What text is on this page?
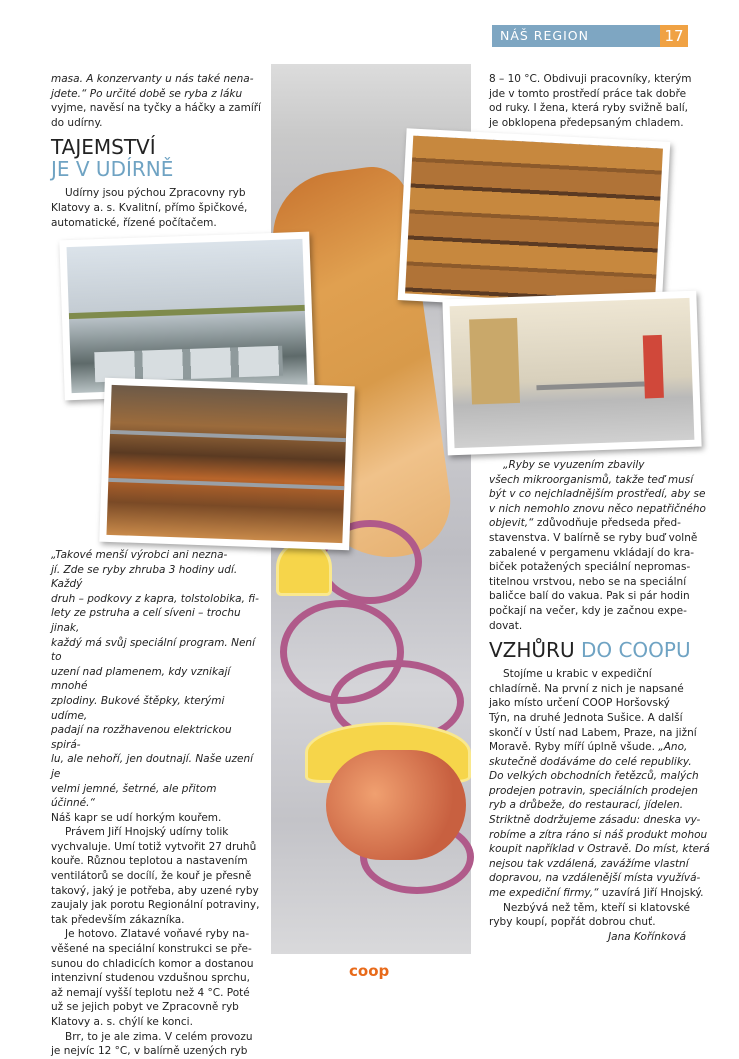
NÁŠ REGION	17

masa. A konzervanty u nás také nena-

jdete.“ Po určité době se ryba z láku

vyjme, navěsí na tyčky a háčky a zamíří

do udírny.

TAJEMSTVÍ

JE V UDÍRNĚ

Udírny jsou pýchou Zpracovny ryb

Klatovy a. s. Kvalitní, přímo špičkové,

automatické, řízené počítačem.

„Takové menší výrobci ani nezna-

jí. Zde se ryby zhruba 3 hodiny udí. Každý

druh – podkovy z kapra, tolstolobika, fi-

lety ze pstruha a celí síveni – trochu jinak,

každý má svůj speciální program. Není to

uzení nad plamenem, kdy vznikají mnohé

zplodiny. Bukové štěpky, kterými udíme,

padají na rozžhavenou elektrickou spirá-

lu, ale nehoří, jen doutnají. Naše uzení je

velmi jemné, šetrné, ale přitom účinné.“

Náš kapr se udí horkým kouřem.

Právem Jiří Hnojský udírny tolik

vychvaluje. Umí totiž vytvořit 27 druhů

kouře. Různou teplotou a nastavením

ventilátorů se docílí, že kouř je přesně

takový, jaký je potřeba, aby uzené ryby

zaujaly jak porotu Regionální potraviny,

tak především zákazníka.

Je hotovo. Zlatavé voňavé ryby na-

věšené na speciální konstrukci se pře-

sunou do chladicích komor a dostanou

intenzivní studenou vzdušnou sprchu,

až nemají vyšší teplotu než 4 °C. Poté

už se jejich pobyt ve Zpracovně ryb

Klatovy a. s. chýlí ke konci.

Brr, to je ale zima. V celém provozu

je nejvíc 12 °C, v balírně uzených ryb

8 – 10 °C. Obdivuji pracovníky, kterým

jde v tomto prostředí práce tak dobře

od ruky. I žena, která ryby svižně balí,

je obklopena předepsaným chladem.

„Ryby se vyuzením zbavily

všech mikroorganismů, takže teď musí

být v co nejchladnějším prostředí, aby se

v nich nemohlo znovu něco nepatřičného

objevit,“ zdůvodňuje předseda před-

stavenstva. V balírně se ryby buď volně

zabalené v pergamenu vkládají do kra-

biček potažených speciální nepromas-

titelnou vrstvou, nebo se na speciální

baličce balí do vakua. Pak si pár hodin

počkají na večer, kdy je začnou expe-

dovat.

VZHŮRU DO COOPU

Stojíme u krabic v expediční

chladírně. Na první z nich je napsané

jako místo určení COOP Horšovský

Týn, na druhé Jednota Sušice. A další

skončí v Ústí nad Labem, Praze, na jižní

Moravě. Ryby míří úplně všude. „Ano,

skutečně dodáváme do celé republiky.

Do velkých obchodních řetězců, malých

prodejen potravin, speciálních prodejen

ryb a drůbeže, do restaurací, jídelen.

Striktně dodržujeme zásadu: dneska vy-

robíme a zítra ráno si náš produkt mohou

koupit například v Ostravě. Do míst, která

nejsou tak vzdálená, zavážíme vlastní

dopravou, na vzdálenější místa využívá-

me expediční firmy,“ uzavírá Jiří Hnojský.

Nezbývá než těm, kteří si klatovské

ryby koupí, popřát dobrou chuť.

Jana Kořínková

coop
